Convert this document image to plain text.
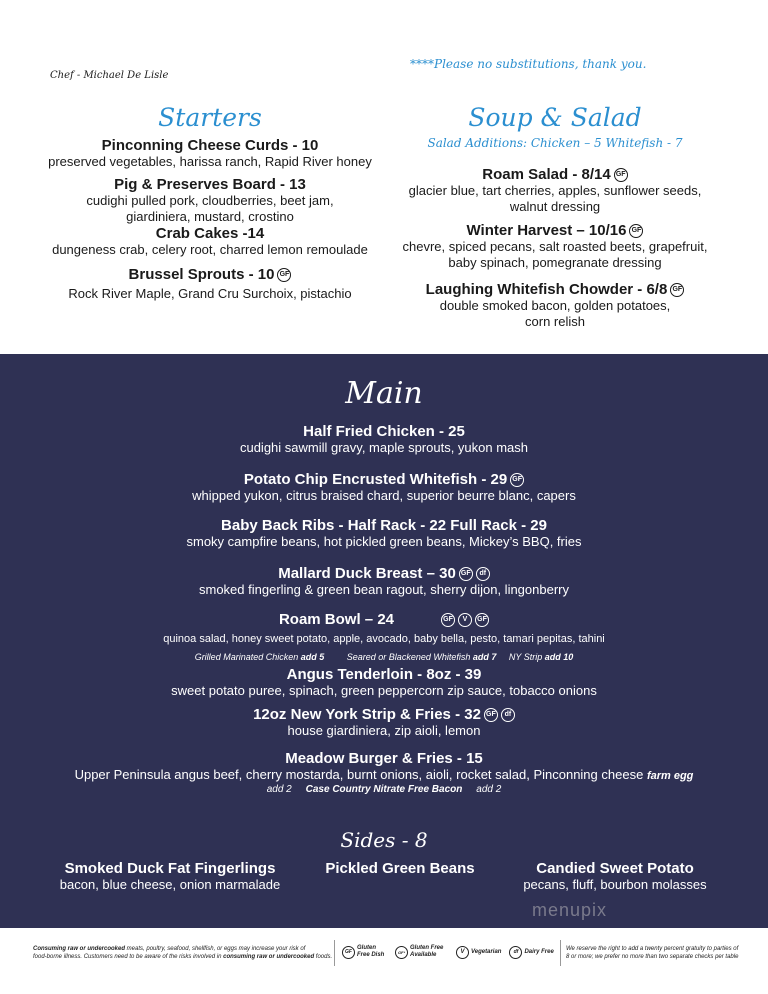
Chef - Michael De Lisle
****Please no substitutions, thank you.
Starters
Pinconning Cheese Curds - 10
preserved vegetables, harissa ranch, Rapid River honey
Pig & Preserves Board - 13
cudighi pulled pork, cloudberries, beet jam,
giardiniera, mustard, crostino
Crab Cakes -14
dungeness crab, celery root, charred lemon remoulade
Brussel Sprouts - 10 GF
Rock River Maple, Grand Cru Surchoix, pistachio
Soup & Salad
Salad Additions: Chicken – 5 Whitefish - 7
Roam Salad - 8/14 GF
glacier blue, tart cherries, apples, sunflower seeds,
walnut dressing
Winter Harvest – 10/16 GF
chevre, spiced pecans, salt roasted beets, grapefruit,
baby spinach, pomegranate dressing
Laughing Whitefish Chowder - 6/8 GF
double smoked bacon, golden potatoes,
corn relish
Main
Half Fried Chicken - 25
cudighi sawmill gravy, maple sprouts, yukon mash
Potato Chip Encrusted Whitefish - 29 GF
whipped yukon, citrus braised chard, superior beurre blanc, capers
Baby Back Ribs - Half Rack - 22 Full Rack - 29
smoky campfire beans, hot pickled green beans, Mickey’s BBQ, fries
Mallard Duck Breast – 30 GF df
smoked fingerling & green bean ragout, sherry dijon, lingonberry
Roam Bowl – 24	GF V GF
quinoa salad, honey sweet potato, apple, avocado, baby bella, pesto, tamari pepitas, tahini
Grilled Marinated Chicken add 5	Seared or Blackened Whitefish add 7 NY Strip add 10
Angus Tenderloin - 8oz - 39
sweet potato puree, spinach, green peppercorn zip sauce, tobacco onions
12oz New York Strip & Fries - 32 GF df
house giardiniera, zip aioli, lemon
Meadow Burger & Fries - 15
Upper Peninsula angus beef, cherry mostarda, burnt onions, aioli, rocket salad, Pinconning cheese farm egg
add 2 Case Country Nitrate Free Bacon add 2
Sides - 8
Smoked Duck Fat Fingerlings
bacon, blue cheese, onion marmalade
Pickled Green Beans	Candied Sweet Potato
pecans, fluff, bourbon molasses
menupix
Consuming raw or undercooked meats, poultry, seafood, shellfish, or eggs may increase your risk of
food-borne illness. Customers need to be aware of the risks involved in consuming raw or undercooked foods.
GF
Gluten Free Dish	GF*
Gluten Free Available
V	Vegetarian	df	Dairy Free We reserve the right to add a twenty percent gratuity to parties of
8 or more; we prefer no more than two separate checks per table
